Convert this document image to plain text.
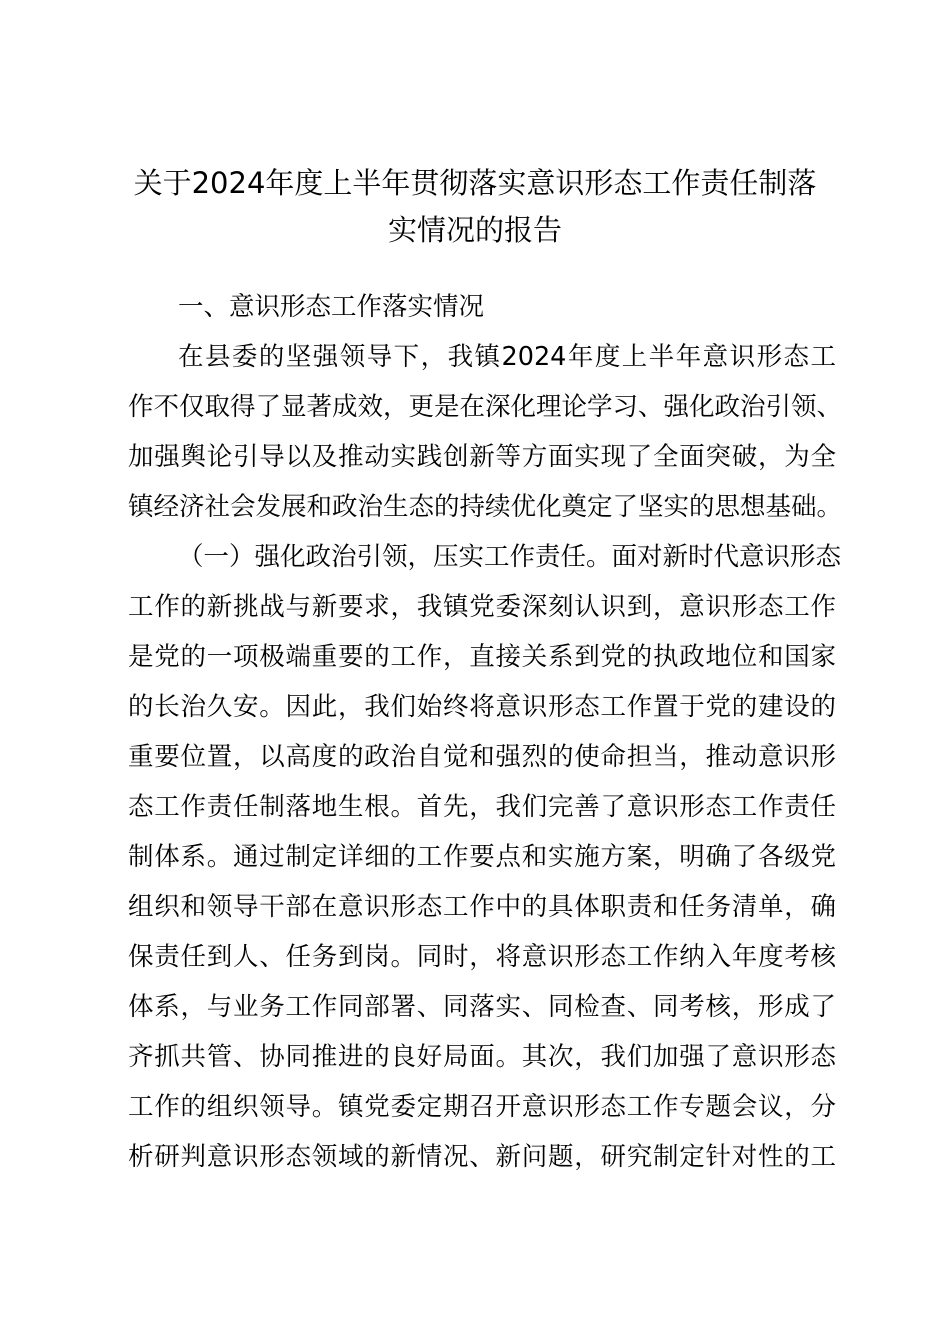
关于2024年度上半年贯彻落实意识形态工作责任制落
实情况的报告
一、意识形态工作落实情况
在县委的坚强领导下，我镇2024年度上半年意识形态工
作不仅取得了显著成效，更是在深化理论学习、强化政治引领、
加强舆论引导以及推动实践创新等方面实现了全面突破，为全
镇经济社会发展和政治生态的持续优化奠定了坚实的思想基础。
（一）强化政治引领，压实工作责任。面对新时代意识形态
工作的新挑战与新要求，我镇党委深刻认识到，意识形态工作
是党的一项极端重要的工作，直接关系到党的执政地位和国家
的长治久安。因此，我们始终将意识形态工作置于党的建设的
重要位置，以高度的政治自觉和强烈的使命担当，推动意识形
态工作责任制落地生根。首先，我们完善了意识形态工作责任
制体系。通过制定详细的工作要点和实施方案，明确了各级党
组织和领导干部在意识形态工作中的具体职责和任务清单，确
保责任到人、任务到岗。同时，将意识形态工作纳入年度考核
体系，与业务工作同部署、同落实、同检查、同考核，形成了
齐抓共管、协同推进的良好局面。其次，我们加强了意识形态
工作的组织领导。镇党委定期召开意识形态工作专题会议，分
析研判意识形态领域的新情况、新问题，研究制定针对性的工
